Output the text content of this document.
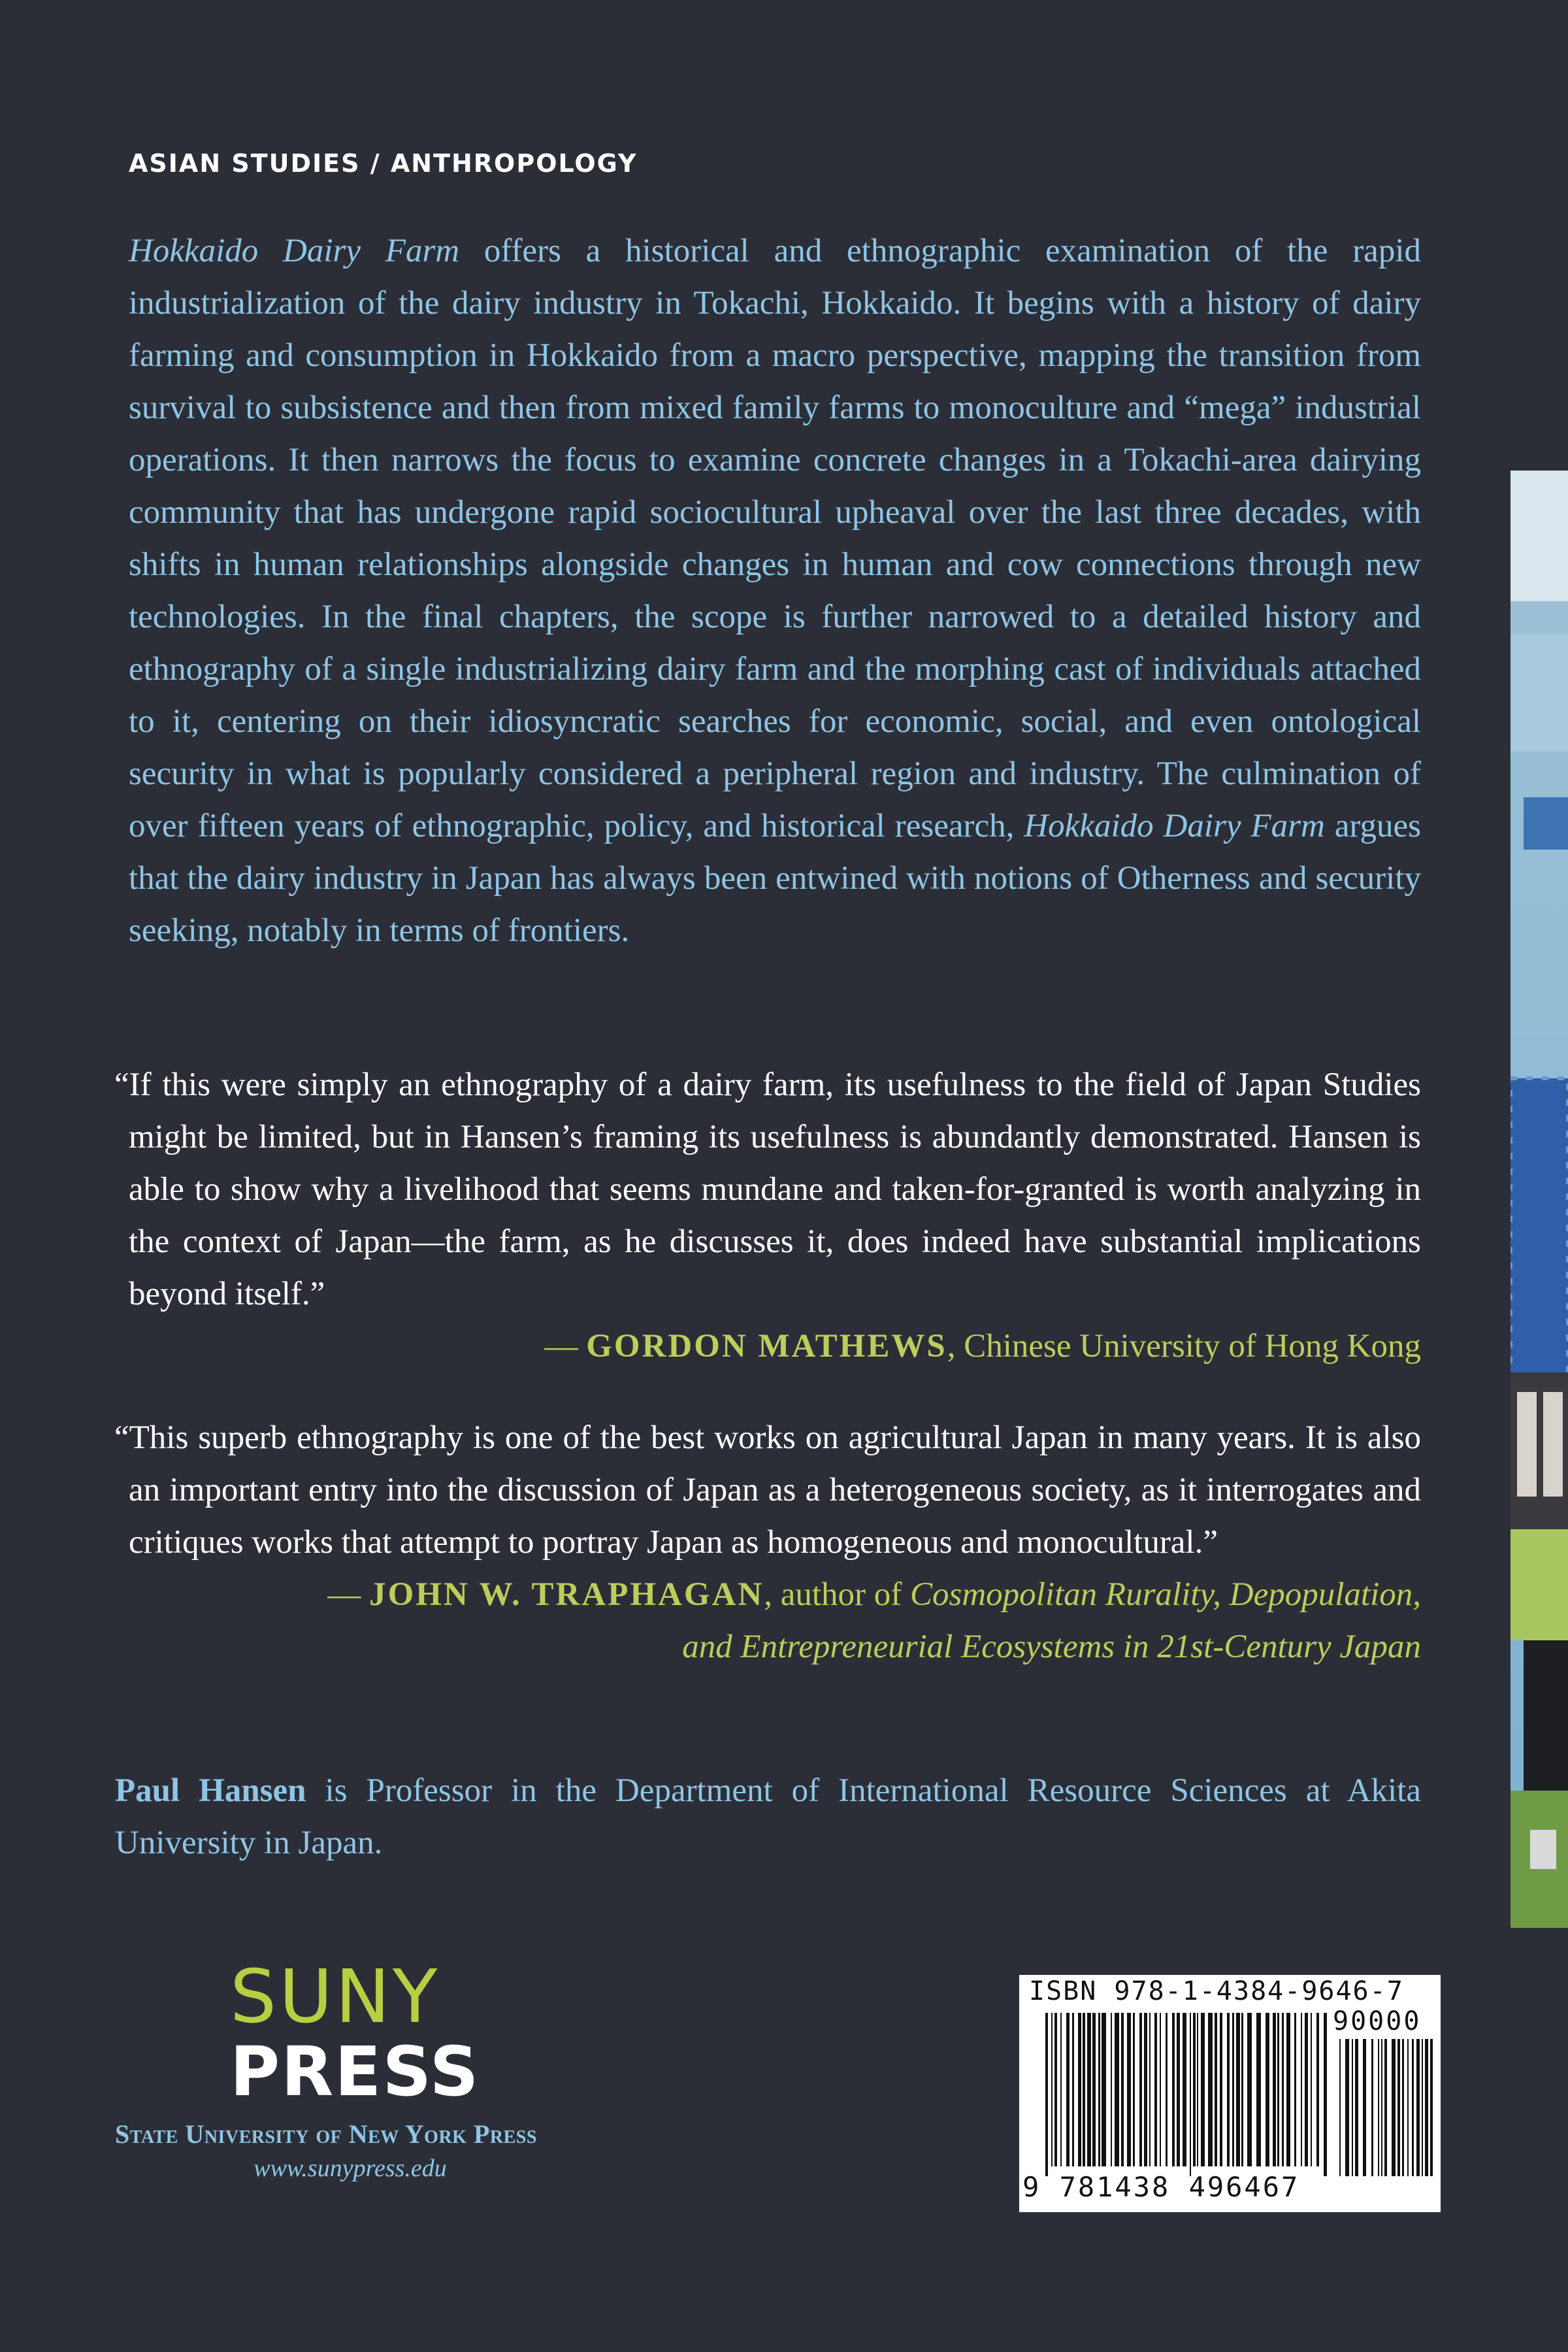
ASIAN STUDIES / ANTHROPOLOGY

Hokkaido Dairy Farm offers a historical and ethnographic examination of the rapid industrialization of the dairy industry in Tokachi, Hokkaido. It begins with a history of dairy farming and consumption in Hokkaido from a macro perspective, mapping the transition from survival to subsistence and then from mixed family farms to monoculture and “mega” industrial operations. It then narrows the focus to examine concrete changes in a Tokachi-area dairying community that has undergone rapid sociocultural upheaval over the last three decades, with shifts in human relationships alongside changes in human and cow connections through new technologies. In the final chapters, the scope is further narrowed to a detailed history and ethnography of a single industrializing dairy farm and the morphing cast of individuals attached to it, centering on their idiosyncratic searches for economic, social, and even ontological security in what is popularly considered a peripheral region and industry. The culmination of over fifteen years of ethnographic, policy, and historical research, Hokkaido Dairy Farm argues that the dairy industry in Japan has always been entwined with notions of Otherness and security seeking, notably in terms of frontiers.

“If this were simply an ethnography of a dairy farm, its usefulness to the field of Japan Studies might be limited, but in Hansen’s framing its usefulness is abundantly demonstrated. Hansen is able to show why a livelihood that seems mundane and taken-for-granted is worth analyzing in the context of Japan—the farm, as he discusses it, does indeed have substantial implications beyond itself.”

— GORDON MATHEWS, Chinese University of Hong Kong

“This superb ethnography is one of the best works on agricultural Japan in many years. It is also an important entry into the discussion of Japan as a heterogeneous society, as it interrogates and critiques works that attempt to portray Japan as homogeneous and monocultural.”

— JOHN W. TRAPHAGAN, author of Cosmopolitan Rurality, Depopulation,
and Entrepreneurial Ecosystems in 21st-Century Japan

Paul Hansen is Professor in the Department of International Resource Sciences at Akita University in Japan.
SUNY
PRESS
State University of New York Press
www.sunypress.edu
ISBN 978-1-4384-9646-7
90000
9 781438 496467
